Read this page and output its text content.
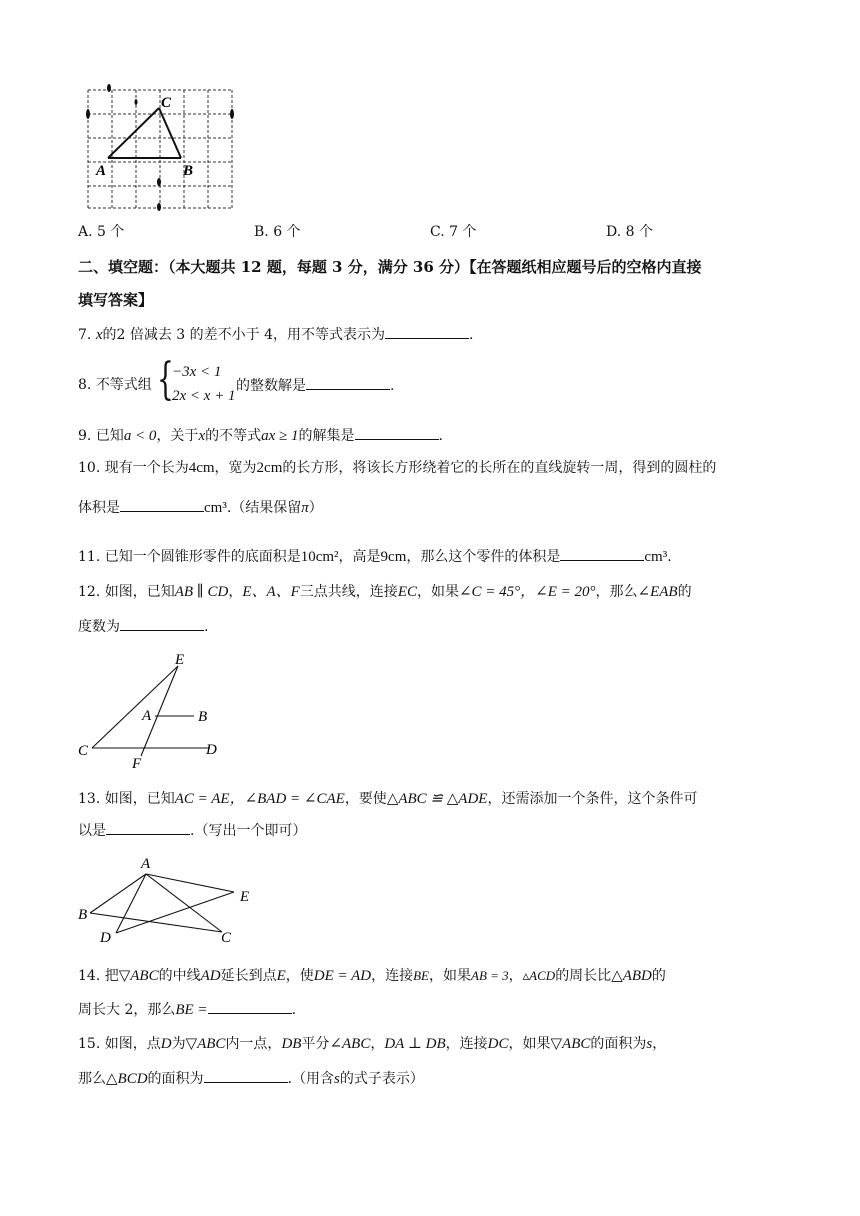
C
A	B
A. 5 个	B. 6 个	C. 7 个	D. 8 个
二、填空题：（本大题共 12 题，每题 3 分，满分 36 分）【在答题纸相应题号后的空格内直接
填写答案】
7. x的2 倍减去 3 的差不小于 4，用不等式表示为	.
8. 不等式组 {
−3x < 1
2x < x + 1
的整数解是	.
9. 已知a < 0，关于x的不等式ax ≥ 1的解集是	.
10. 现有一个长为4cm，宽为2cm的长方形，将该长方形绕着它的长所在的直线旋转一周，得到的圆柱的
体积是	cm³.（结果保留π）
11. 已知一个圆锥形零件的底面积是10cm²，高是9cm，那么这个零件的体积是	cm³.
12. 如图，已知AB ∥ CD，E、A、F三点共线，连接EC，如果∠C = 45°，∠E = 20°，那么∠EAB的
度数为	.
E
A	B
C	D
F
13. 如图，已知AC = AE，∠BAD = ∠CAE，要使△ABC ≌ △ADE，还需添加一个条件，这个条件可
以是	.（写出一个即可）
A
E
B
D	C
14. 把▽ABC的中线AD延长到点E，使DE = AD，连接BE，如果AB = 3，▵ACD的周长比△ABD的
周长大 2，那么BE =	.
15. 如图，点D为▽ABC内一点，DB平分∠ABC，DA ⊥ DB，连接DC，如果▽ABC的面积为s，
那么△BCD的面积为	.（用含s的式子表示）
